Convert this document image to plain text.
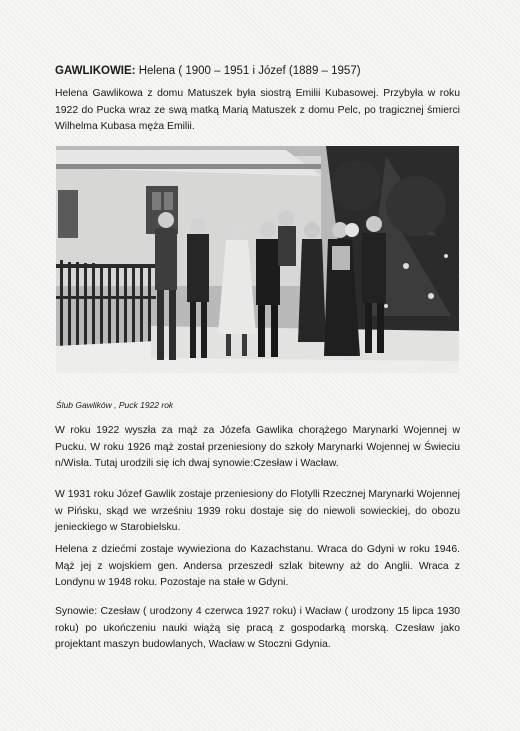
GAWLIKOWIE: Helena ( 1900 – 1951 i Józef (1889 – 1957)

Helena Gawlikowa z domu Matuszek była siostrą Emilii Kubasowej. Przybyła w roku 1922 do Pucka wraz ze swą matką Marią Matuszek z domu Pelc, po tragicznej śmierci Wilhelma Kubasa męża Emilii.

Ślub Gawlików , Puck 1922 rok

W roku 1922 wyszła za mąż za Józefa Gawlika chorążego Marynarki Wojennej w Pucku. W roku 1926 mąż został przeniesiony do szkoły Marynarki Wojennej w Świeciu n/Wisła. Tutaj urodzili się ich dwaj synowie:Czesław i Wacław.

W 1931 roku Józef Gawlik zostaje przeniesiony do Flotylli Rzecznej Marynarki Wojennej w Pińsku, skąd we wrześniu 1939 roku dostaje się do niewoli sowieckiej, do obozu jenieckiego w Starobielsku.

Helena z dziećmi zostaje wywieziona do Kazachstanu. Wraca do Gdyni w roku 1946. Mąż jej z wojskiem gen. Andersa przeszedł szlak bitewny aż do Anglii. Wraca z Londynu w 1948 roku. Pozostaje na stałe w Gdyni.

Synowie: Czesław ( urodzony 4 czerwca 1927 roku) i Wacław ( urodzony 15 lipca 1930 roku) po ukończeniu nauki wiążą się pracą z gospodarką morską. Czesław jako projektant maszyn budowlanych, Wacław w Stoczni Gdynia.
